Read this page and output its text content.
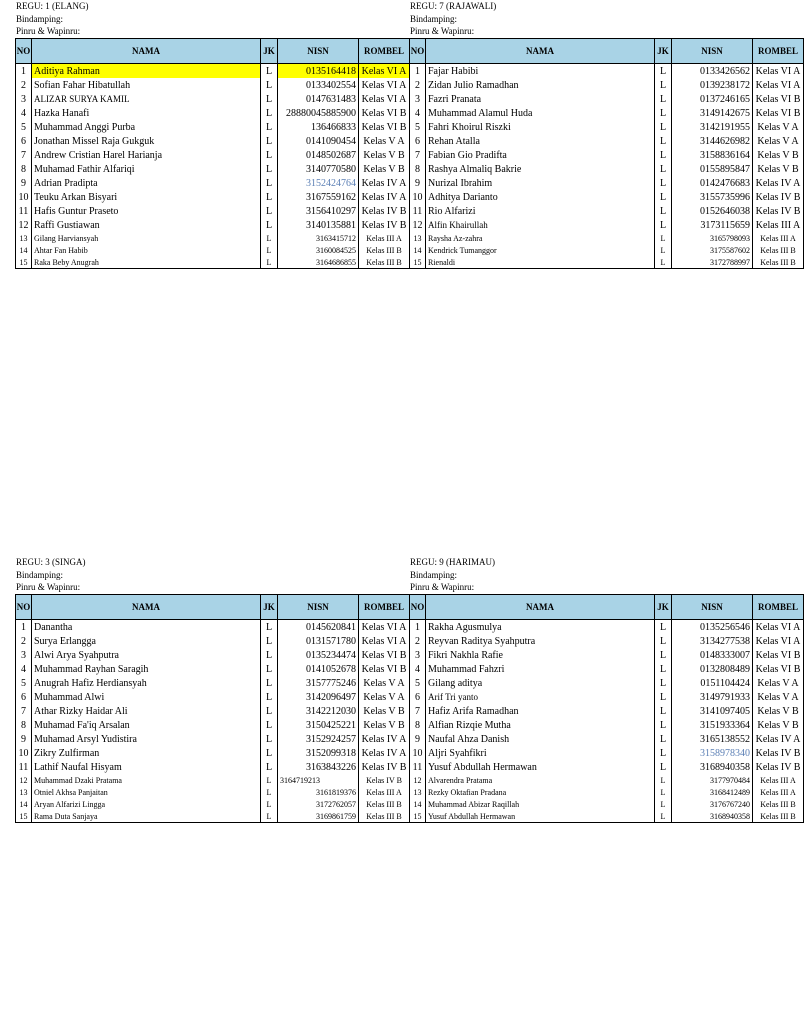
REGU: 1 (ELANG)
Bindamping:
Pinru & Wapinru:
NO	NAMA	JK	NISN	ROMBEL
1	Aditiya Rahman	L	0135164418	Kelas VI A
2	Sofian Fahar Hibatullah	L	0133402554	Kelas VI A
3	ALIZAR SURYA KAMIL	L	0147631483	Kelas VI A
4	Hazka Hanafi	L	28880045885900	Kelas VI B
5	Muhammad Anggi Purba	L	136466833	Kelas VI B
6	Jonathan Missel Raja Gukguk	L	0141090454	Kelas V A
7	Andrew Cristian Harel Harianja	L	0148502687	Kelas V B
8	Muhamad Fathir Alfariqi	L	3140770580	Kelas V B
9	Adrian Pradipta	L	3152424764	Kelas IV A
10	Teuku Arkan Bisyari	L	3167559162	Kelas IV A
11	Hafis Guntur Praseto	L	3156410297	Kelas IV B
12	Raffi Gustiawan	L	3140135881	Kelas IV B
13	Gilang Harviansyah	L	3163415712	Kelas III A
14	Ahtar Fan Habib	L	3160084525	Kelas III B
15	Raka Beby Anugrah	L	3164686855	Kelas III B
REGU: 7 (RAJAWALI)
Bindamping:
Pinru & Wapinru:
NO	NAMA	JK	NISN	ROMBEL
1	Fajar Habibi	L	0133426562	Kelas VI A
2	Zidan Julio Ramadhan	L	0139238172	Kelas VI A
3	Fazri Pranata	L	0137246165	Kelas VI B
4	Muhammad Alamul Huda	L	3149142675	Kelas VI B
5	Fahri Khoirul Riszki	L	3142191955	Kelas V A
6	Rehan Atalla	L	3144626982	Kelas V A
7	Fabian Gio Pradifta	L	3158836164	Kelas V B
8	Rashya Almaliq Bakrie	L	0155895847	Kelas V B
9	Nurizal Ibrahim	L	0142476683	Kelas IV A
10	Adhitya Darianto	L	3155735996	Kelas IV B
11	Rio Alfarizi	L	0152646038	Kelas IV B
12	Alfin Khairullah	L	3173115659	Kelas III A
13	Raysha Az-zahra	L	3165798093	Kelas III A
14	Kendrick Tumanggor	L	3175587602	Kelas III B
15	Rienaldi	L	3172788997	Kelas III B
REGU: 3 (SINGA)
Bindamping:
Pinru & Wapinru:
NO	NAMA	JK	NISN	ROMBEL
1	Danantha	L	0145620841	Kelas VI A
2	Surya Erlangga	L	0131571780	Kelas VI A
3	Alwi Arya Syahputra	L	0135234474	Kelas VI B
4	Muhammad Rayhan Saragih	L	0141052678	Kelas VI B
5	Anugrah Hafiz Herdiansyah	L	3157775246	Kelas V A
6	Muhammad Alwi	L	3142096497	Kelas V A
7	Athar Rizky Haidar Ali	L	3142212030	Kelas V B
8	Muhamad Fa'iq Arsalan	L	3150425221	Kelas V B
9	Muhamad Arsyl Yudistira	L	3152924257	Kelas IV A
10	Zikry Zulfirman	L	3152099318	Kelas IV A
11	Lathif Naufal Hisyam	L	3163843226	Kelas IV B
12	Muhammad Dzaki Pratama	L	3164719213	Kelas IV B
13	Otniel Akhsa Panjaitan	L	3161819376	Kelas III A
14	Aryan Alfarizi Lingga	L	3172762057	Kelas III B
15	Rama Duta Sanjaya	L	3169861759	Kelas III B
REGU: 9 (HARIMAU)
Bindamping:
Pinru & Wapinru:
NO	NAMA	JK	NISN	ROMBEL
1	Rakha Agusmulya	L	0135256546	Kelas VI A
2	Reyvan Raditya Syahputra	L	3134277538	Kelas VI A
3	Fikri Nakhla Rafie	L	0148333007	Kelas VI B
4	Muhammad Fahzri	L	0132808489	Kelas VI B
5	Gilang aditya	L	0151104424	Kelas V A
6	Arif Tri yanto	L	3149791933	Kelas V A
7	Hafiz Arifa Ramadhan	L	3141097405	Kelas V B
8	Alfian Rizqie Mutha	L	3151933364	Kelas V B
9	Naufal Ahza Danish	L	3165138552	Kelas IV A
10	Aljri Syahfikri	L	3158978340	Kelas IV B
11	Yusuf Abdullah Hermawan	L	3168940358	Kelas IV B
12	Alvarendra Pratama	L	3177970484	Kelas III A
13	Rezky Oktafian Pradana	L	3168412489	Kelas III A
14	Muhammad Abizar Raqillah	L	3176767240	Kelas III B
15	Yusuf Abdullah Hermawan	L	3168940358	Kelas III B
